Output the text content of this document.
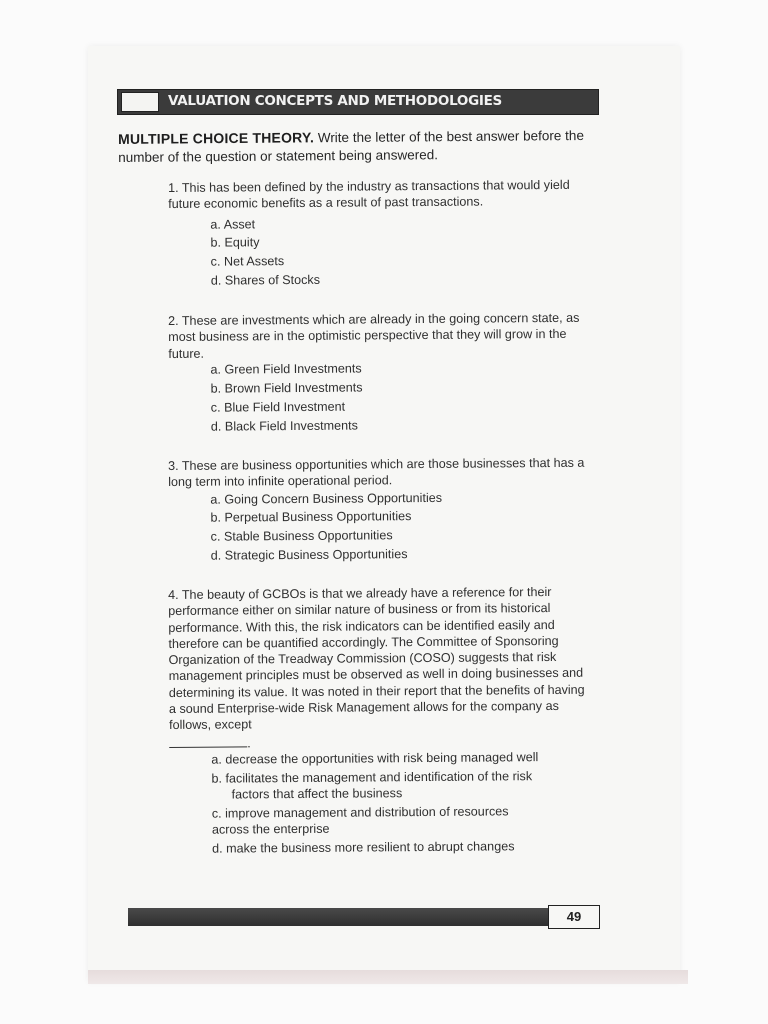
VALUATION CONCEPTS AND METHODOLOGIES
MULTIPLE CHOICE THEORY. Write the letter of the best answer before the number of the question or statement being answered.
1. This has been defined by the industry as transactions that would yield future economic benefits as a result of past transactions.
a. Asset
b. Equity
c. Net Assets
d. Shares of Stocks
2. These are investments which are already in the going concern state, as most business are in the optimistic perspective that they will grow in the future.
a. Green Field Investments
b. Brown Field Investments
c. Blue Field Investment
d. Black Field Investments
3. These are business opportunities which are those businesses that has a long term into infinite operational period.
a. Going Concern Business Opportunities
b. Perpetual Business Opportunities
c. Stable Business Opportunities
d. Strategic Business Opportunities
4. The beauty of GCBOs is that we already have a reference for their performance either on similar nature of business or from its historical performance. With this, the risk indicators can be identified easily and therefore can be quantified accordingly. The Committee of Sponsoring Organization of the Treadway Commission (COSO) suggests that risk management principles must be observed as well in doing businesses and determining its value. It was noted in their report that the benefits of having a sound Enterprise-wide Risk Management allows for the company as follows, except
.
a. decrease the opportunities with risk being managed well
b. facilitates the management and identification of the risk
factors that affect the business
c. improve management and distribution of resources
across the enterprise
d. make the business more resilient to abrupt changes
49
